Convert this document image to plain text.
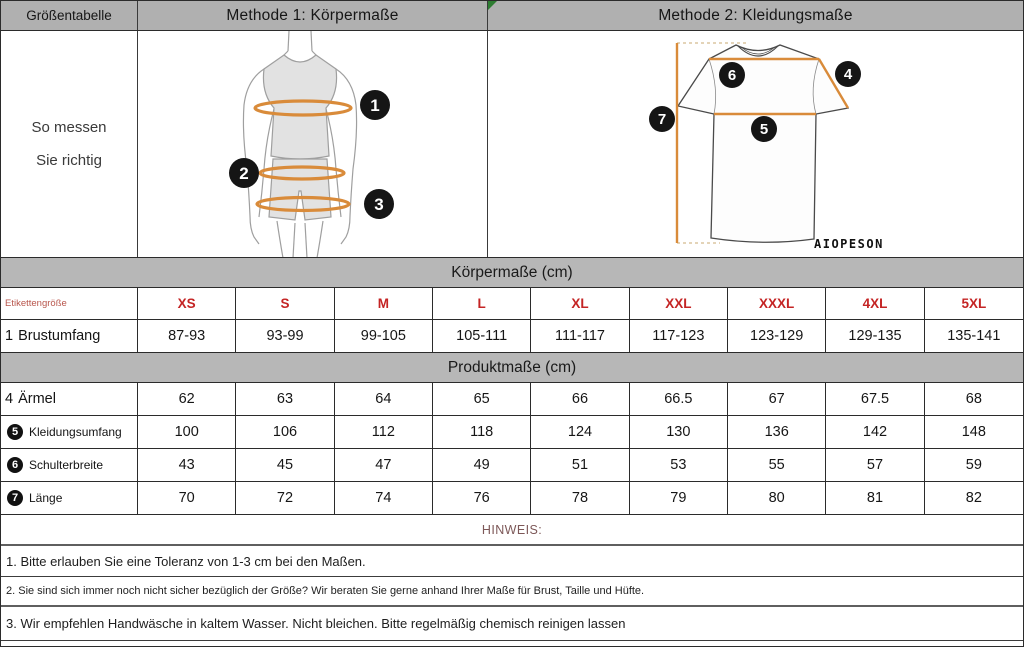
Größentabelle	Methode 1: Körpermaße	Methode 2: Kleidungsmaße
So messen
Sie richtig
1
2
3
6	4
7
5
AIOPESON
Körpermaße (cm)
Etikettengröße	XS	S	M	L	XL	XXL	XXXL	4XL	5XL
1 Brustumfang	87-93	93-99	99-105	105-111	111-117	117-123	123-129	129-135	135-141
Produktmaße (cm)
4 Ärmel	62	63	64	65	66	66.5	67	67.5	68
5 Kleidungsumfang	100	106	112	118	124	130	136	142	148
6 Schulterbreite	43	45	47	49	51	53	55	57	59
7 Länge	70	72	74	76	78	79	80	81	82
HINWEIS:
1. Bitte erlauben Sie eine Toleranz von 1-3 cm bei den Maßen.
2. Sie sind sich immer noch nicht sicher bezüglich der Größe? Wir beraten Sie gerne anhand Ihrer Maße für Brust, Taille und Hüfte.
3. Wir empfehlen Handwäsche in kaltem Wasser. Nicht bleichen. Bitte regelmäßig chemisch reinigen lassen
